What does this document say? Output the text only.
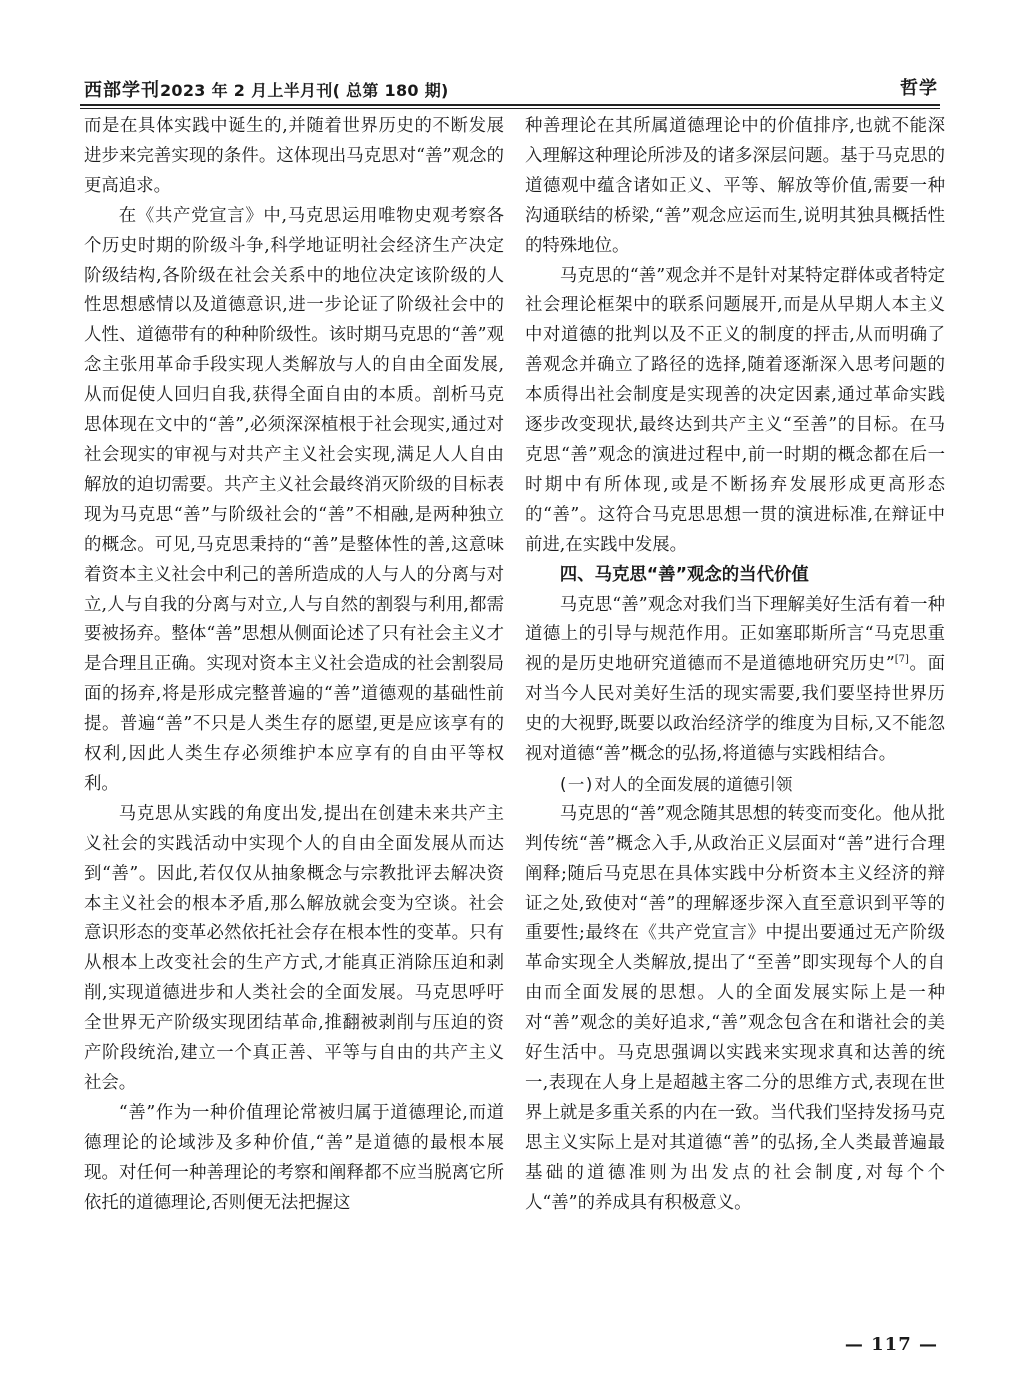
西部学刊2023 年 2 月上半月刊( 总第 180 期)	哲学

而是在具体实践中诞生的,并随着世界历史的不断发展进步来完善实现的条件。这体现出马克思对“善”观念的更高追求。

在《共产党宣言》中,马克思运用唯物史观考察各个历史时期的阶级斗争,科学地证明社会经济生产决定阶级结构,各阶级在社会关系中的地位决定该阶级的人性思想感情以及道德意识,进一步论证了阶级社会中的人性、道德带有的种种阶级性。该时期马克思的“善”观念主张用革命手段实现人类解放与人的自由全面发展,从而促使人回归自我,获得全面自由的本质。剖析马克思体现在文中的“善”,必须深深植根于社会现实,通过对社会现实的审视与对共产主义社会实现,满足人人自由解放的迫切需要。共产主义社会最终消灭阶级的目标表现为马克思“善”与阶级社会的“善”不相融,是两种独立的概念。可见,马克思秉持的“善”是整体性的善,这意味着资本主义社会中利己的善所造成的人与人的分离与对立,人与自我的分离与对立,人与自然的割裂与利用,都需要被扬弃。整体“善”思想从侧面论述了只有社会主义才是合理且正确。实现对资本主义社会造成的社会割裂局面的扬弃,将是形成完整普遍的“善”道德观的基础性前提。普遍“善”不只是人类生存的愿望,更是应该享有的权利,因此人类生存必须维护本应享有的自由平等权利。

马克思从实践的角度出发,提出在创建未来共产主义社会的实践活动中实现个人的自由全面发展从而达到“善”。因此,若仅仅从抽象概念与宗教批评去解决资本主义社会的根本矛盾,那么解放就会变为空谈。社会意识形态的变革必然依托社会存在根本性的变革。只有从根本上改变社会的生产方式,才能真正消除压迫和剥削,实现道德进步和人类社会的全面发展。马克思呼吁全世界无产阶级实现团结革命,推翻被剥削与压迫的资产阶段统治,建立一个真正善、平等与自由的共产主义社会。

“善”作为一种价值理论常被归属于道德理论,而道德理论的论域涉及多种价值,“善”是道德的最根本展现。对任何一种善理论的考察和阐释都不应当脱离它所依托的道德理论,否则便无法把握这

种善理论在其所属道德理论中的价值排序,也就不能深入理解这种理论所涉及的诸多深层问题。基于马克思的道德观中蕴含诸如正义、平等、解放等价值,需要一种沟通联结的桥梁,“善”观念应运而生,说明其独具概括性的特殊地位。

马克思的“善”观念并不是针对某特定群体或者特定社会理论框架中的联系问题展开,而是从早期人本主义中对道德的批判以及不正义的制度的抨击,从而明确了善观念并确立了路径的选择,随着逐渐深入思考问题的本质得出社会制度是实现善的决定因素,通过革命实践逐步改变现状,最终达到共产主义“至善”的目标。在马克思“善”观念的演进过程中,前一时期的概念都在后一时期中有所体现,或是不断扬弃发展形成更高形态的“善”。这符合马克思思想一贯的演进标准,在辩证中前进,在实践中发展。

四、马克思“善”观念的当代价值

马克思“善”观念对我们当下理解美好生活有着一种道德上的引导与规范作用。正如塞耶斯所言“马克思重视的是历史地研究道德而不是道德地研究历史”[7]。面对当今人民对美好生活的现实需要,我们要坚持世界历史的大视野,既要以政治经济学的维度为目标,又不能忽视对道德“善”概念的弘扬,将道德与实践相结合。

(一)对人的全面发展的道德引领

马克思的“善”观念随其思想的转变而变化。他从批判传统“善”概念入手,从政治正义层面对“善”进行合理阐释;随后马克思在具体实践中分析资本主义经济的辩证之处,致使对“善”的理解逐步深入直至意识到平等的重要性;最终在《共产党宣言》中提出要通过无产阶级革命实现全人类解放,提出了“至善”即实现每个人的自由而全面发展的思想。人的全面发展实际上是一种对“善”观念的美好追求,“善”观念包含在和谐社会的美好生活中。马克思强调以实践来实现求真和达善的统一,表现在人身上是超越主客二分的思维方式,表现在世界上就是多重关系的内在一致。当代我们坚持发扬马克思主义实际上是对其道德“善”的弘扬,全人类最普遍最基础的道德准则为出发点的社会制度,对每个个人“善”的养成具有积极意义。

— 117 —
